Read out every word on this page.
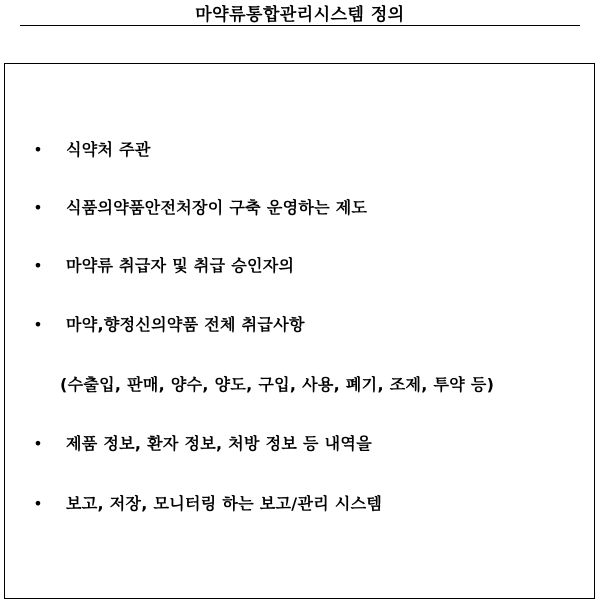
마약류통합관리시스템 정의
• 식약처 주관
• 식품의약품안전처장이 구축 운영하는 제도
• 마약류 취급자 및 취급 승인자의
• 마약,향정신의약품 전체 취급사항
(수출입, 판매, 양수, 양도, 구입, 사용, 폐기, 조제, 투약 등)
• 제품 정보, 환자 정보, 처방 정보 등 내역을
• 보고, 저장, 모니터링 하는 보고/관리 시스템
